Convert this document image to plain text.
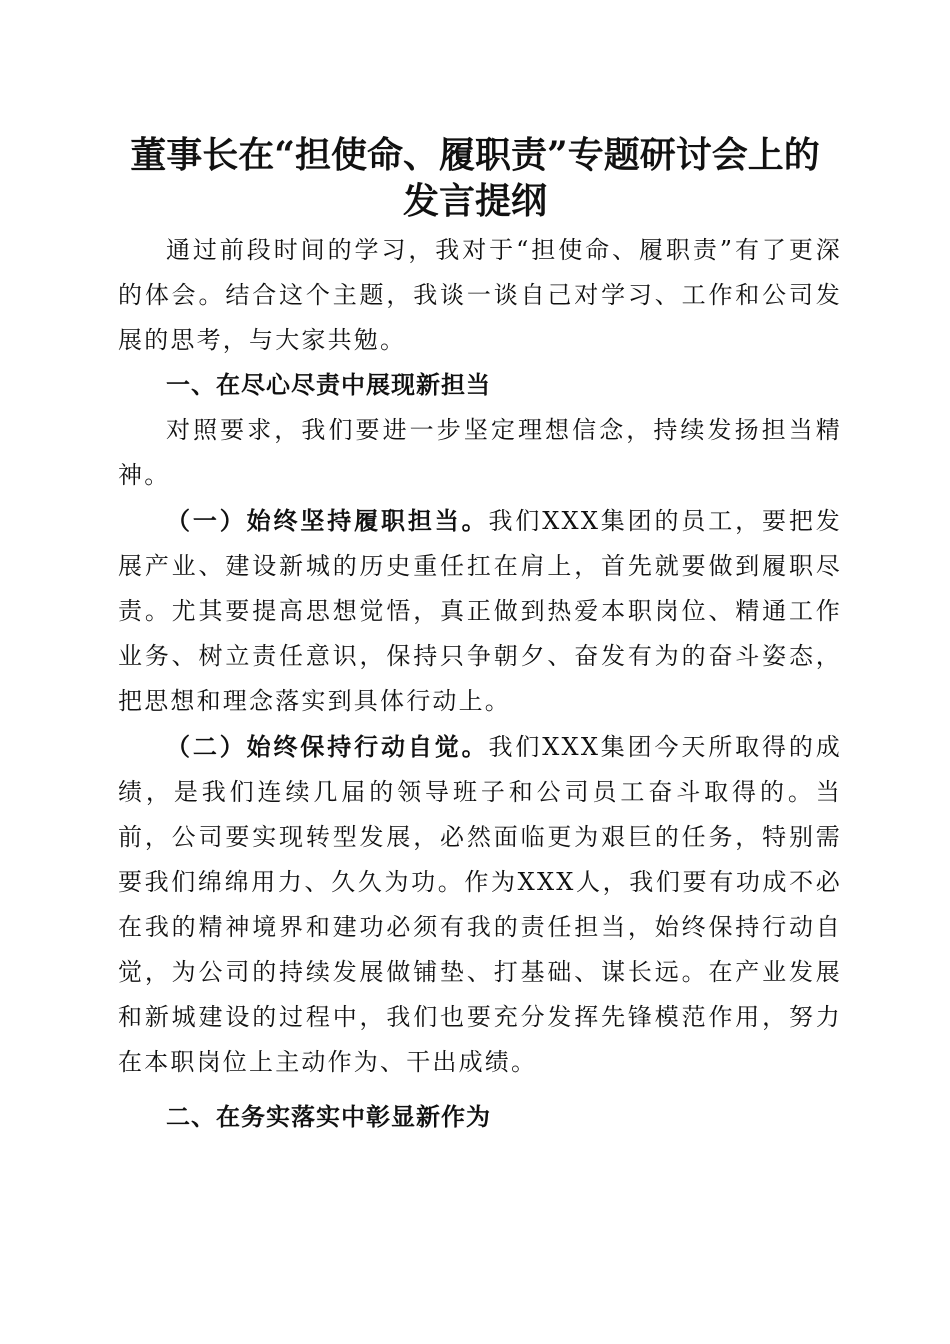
董事长在“担使命、履职责”专题研讨会上的
发言提纲

通过前段时间的学习，我对于“担使命、履职责”有了更深的体会。结合这个主题，我谈一谈自己对学习、工作和公司发展的思考，与大家共勉。

一、在尽心尽责中展现新担当

对照要求，我们要进一步坚定理想信念，持续发扬担当精神。

（一）始终坚持履职担当。我们XXX集团的员工，要把发展产业、建设新城的历史重任扛在肩上，首先就要做到履职尽责。尤其要提高思想觉悟，真正做到热爱本职岗位、精通工作业务、树立责任意识，保持只争朝夕、奋发有为的奋斗姿态，把思想和理念落实到具体行动上。

（二）始终保持行动自觉。我们XXX集团今天所取得的成绩，是我们连续几届的领导班子和公司员工奋斗取得的。当前，公司要实现转型发展，必然面临更为艰巨的任务，特别需要我们绵绵用力、久久为功。作为XXX人，我们要有功成不必在我的精神境界和建功必须有我的责任担当，始终保持行动自觉，为公司的持续发展做铺垫、打基础、谋长远。在产业发展和新城建设的过程中，我们也要充分发挥先锋模范作用，努力在本职岗位上主动作为、干出成绩。

二、在务实落实中彰显新作为
